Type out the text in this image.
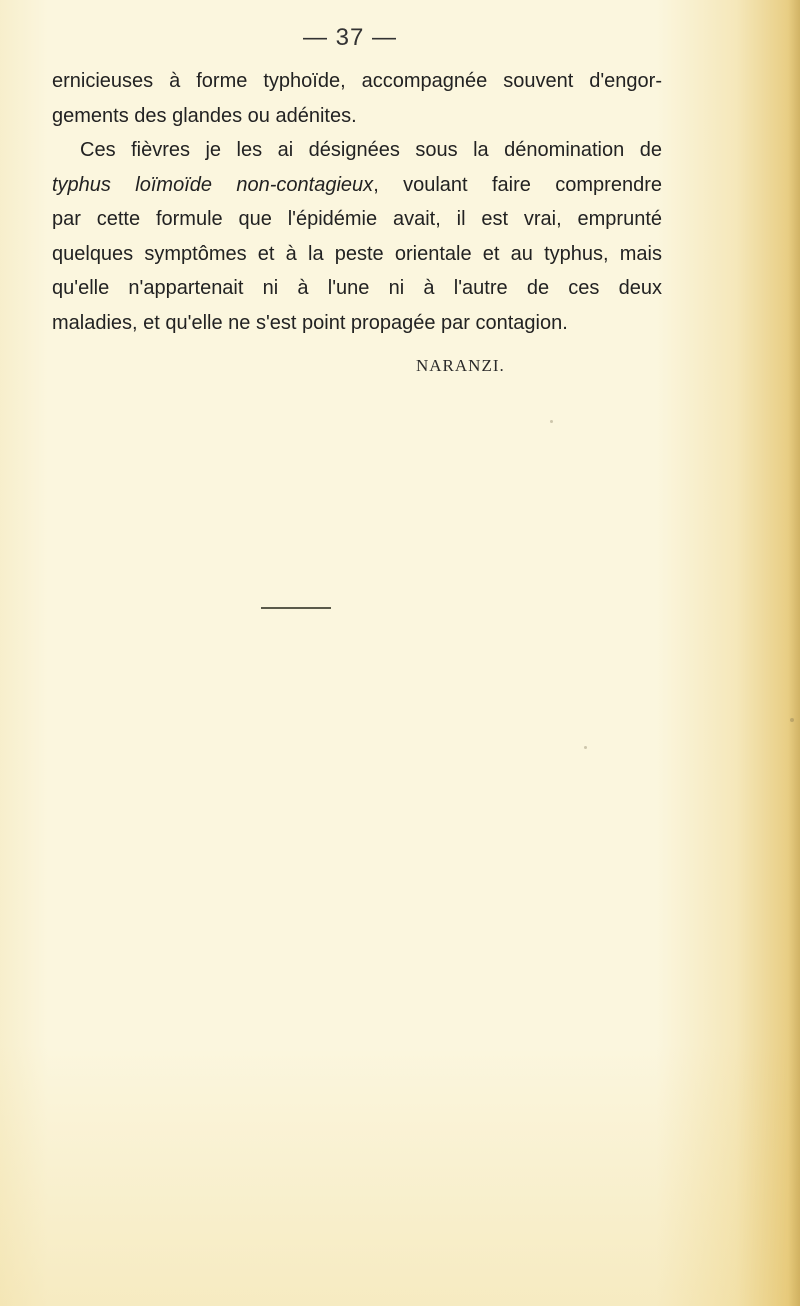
— 37 —
ernicieuses à forme typhoïde, accompagnée souvent d'engor-
gements des glandes ou adénites.
Ces fièvres je les ai désignées sous la dénomination de
typhus loïmoïde non-contagieux, voulant faire comprendre
par cette formule que l'épidémie avait, il est vrai, emprunté
quelques symptômes et à la peste orientale et au typhus, mais
qu'elle n'appartenait ni à l'une ni à l'autre de ces deux
maladies, et qu'elle ne s'est point propagée par contagion.
NARANZI.
